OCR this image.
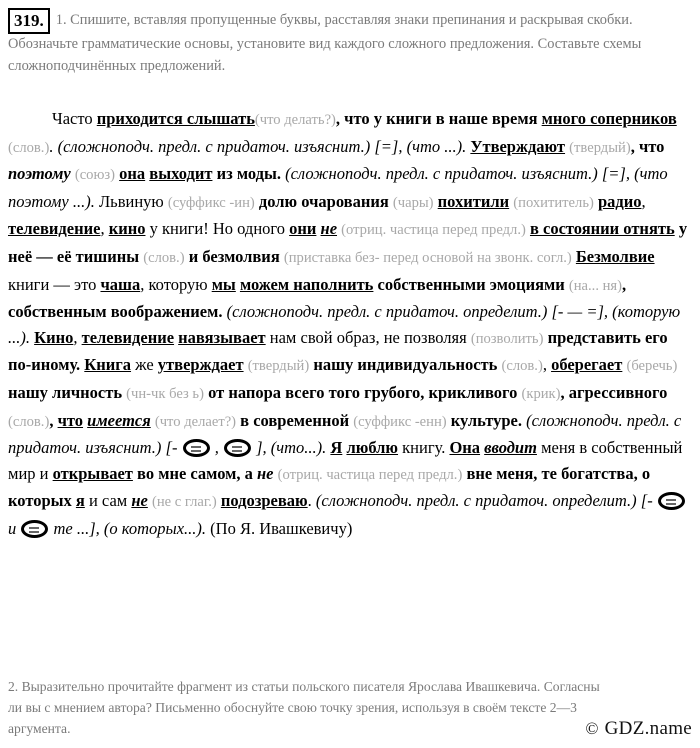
319. 1. Спишите, вставляя пропущенные буквы, расставляя знаки препинания и раскрывая скобки. Обозначьте грамматические основы, установите вид каждого сложного предложения. Составьте схемы сложноподчинённых предложений.
Часто приходится слышать(что делать?), что у книги в наше время много соперников (слов.). (сложноподч. предл. с придаточ. изъяснит.) [=], (что ...). Утверждают (твердый), что поэтому (союз) она выходит из моды. (сложноподч. предл. с придаточ. изъяснит.) [=], (что поэтому ...). Львиную (суффикс -ин) долю очарования (чары) похитили (похититель) радио, телевидение, кино у книги! Но одного они не (отриц. частица перед предл.) в состоянии отнять у неё — её тишины (слов.) и безмолвия (приставка без- перед основой на звонк. согл.) Безмолвие книги — это чаша, которую мы можем наполнить собственными эмоциями (на... ня), собственным воображением. (сложноподч. предл. с придаточ. определит.) [- — =], (которую ...). Кино, телевидение навязывает нам свой образ, не позволяя (позволить) представить его по-иному. Книга же утверждает (твердый) нашу индивидуальность (слов.), оберегает (беречь) нашу личность (чн-чк без ь) от напора всего того грубого, крикливого (крик), агрессивного (слов.), что имеется (что делает?) в современной (суффикс -енн) культуре. (сложноподч. предл. с придаточ. изъяснит.) [-  ,  ], (что...). Я люблю книгу. Она вводит меня в собственный мир и открывает во мне самом, а не (отриц. частица перед предл.) вне меня, те богатства, о которых я и сам не (не с глаг.) подозреваю. (сложноподч. предл. с придаточ. определит.) [-  и  те ...], (о которых...). (По Я. Ивашкевичу)
2. Выразительно прочитайте фрагмент из статьи польского писателя Ярослава Ивашкевича. Согласны ли вы с мнением автора? Письменно обоснуйте свою точку зрения, используя в своём тексте 2—3 аргумента.	© GDZ.name
